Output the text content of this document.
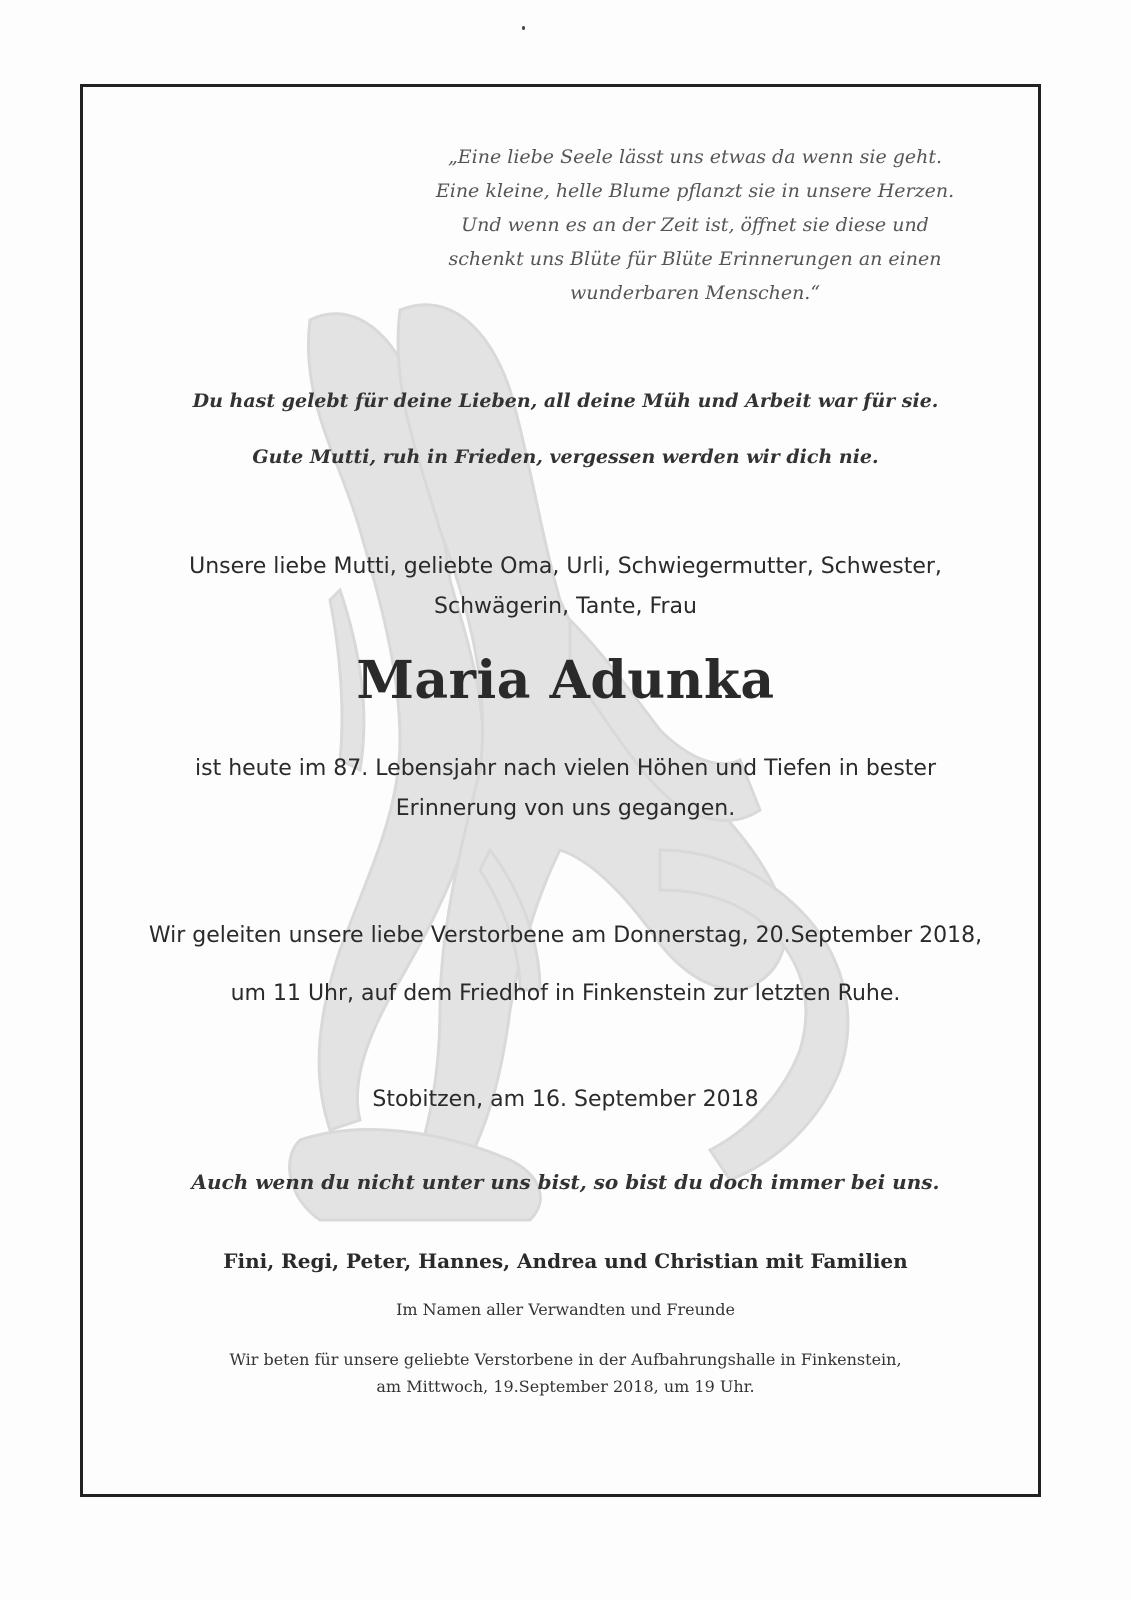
„Eine liebe Seele lässt uns etwas da wenn sie geht.
Eine kleine, helle Blume pflanzt sie in unsere Herzen.
Und wenn es an der Zeit ist, öffnet sie diese und
schenkt uns Blüte für Blüte Erinnerungen an einen
wunderbaren Menschen.“
Du hast gelebt für deine Lieben, all deine Müh und Arbeit war für sie.
Gute Mutti, ruh in Frieden, vergessen werden wir dich nie.
Unsere liebe Mutti, geliebte Oma, Urli, Schwiegermutter, Schwester,
Schwägerin, Tante, Frau
Maria Adunka
ist heute im 87. Lebensjahr nach vielen Höhen und Tiefen in bester
Erinnerung von uns gegangen.
Wir geleiten unsere liebe Verstorbene am Donnerstag, 20.September 2018,
um 11 Uhr, auf dem Friedhof in Finkenstein zur letzten Ruhe.
Stobitzen, am 16. September 2018
Auch wenn du nicht unter uns bist, so bist du doch immer bei uns.
Fini, Regi, Peter, Hannes, Andrea und Christian mit Familien
Im Namen aller Verwandten und Freunde
Wir beten für unsere geliebte Verstorbene in der Aufbahrungshalle in Finkenstein,
am Mittwoch, 19.September 2018, um 19 Uhr.
